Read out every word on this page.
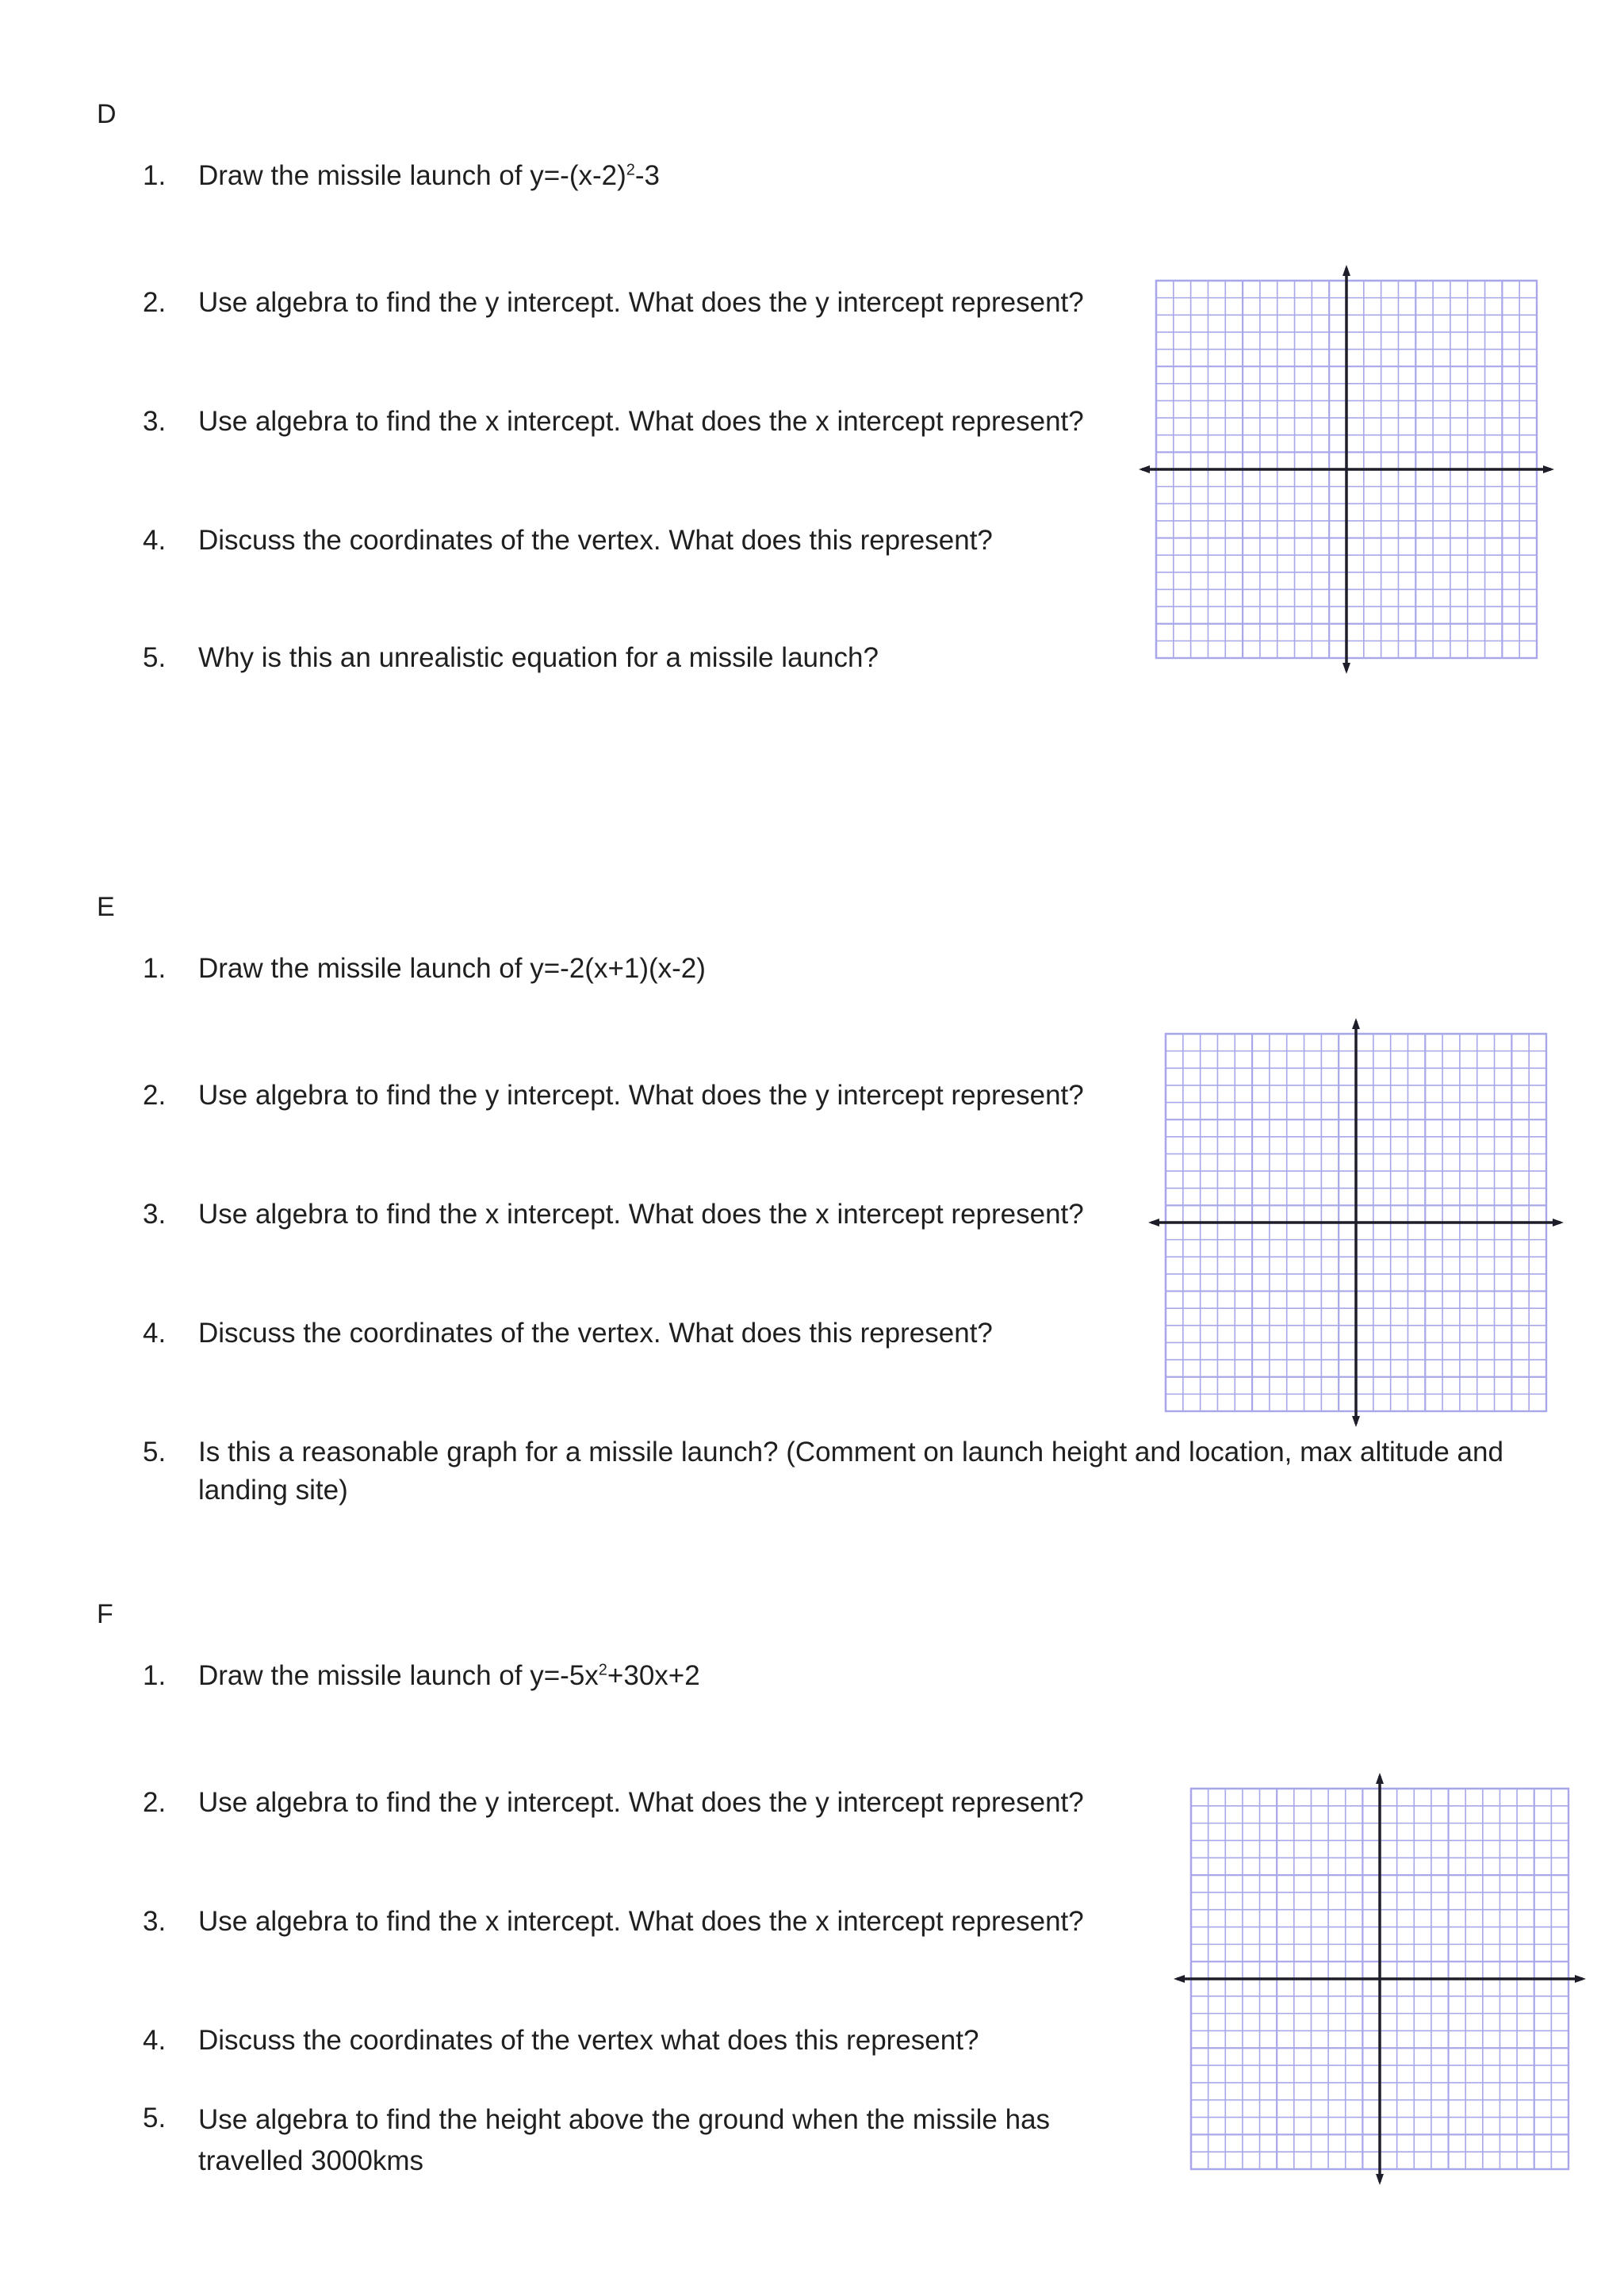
D
1. Draw the missile launch of $y=-(x-2)^2-3$
2. Use algebra to find the y intercept. What does the y intercept represent?
3. Use algebra to find the x intercept. What does the x intercept represent?
4. Discuss the coordinates of the vertex. What does this represent?
5. Why is this an unrealistic equation for a missile launch?
E
1. Draw the missile launch of y=-2(x+1)(x-2)
2. Use algebra to find the y intercept. What does the y intercept represent?
3. Use algebra to find the x intercept. What does the x intercept represent?
4. Discuss the coordinates of the vertex. What does this represent?
5. Is this a reasonable graph for a missile launch? (Comment on launch height and location, max altitude and landing site)
F
1. Draw the missile launch of $y=-5x^2+30x+2$
2. Use algebra to find the y intercept. What does the y intercept represent?
3. Use algebra to find the x intercept. What does the x intercept represent?
4. Discuss the coordinates of the vertex what does this represent?
5. Use algebra to find the height above the ground when the missile has travelled 3000kms
